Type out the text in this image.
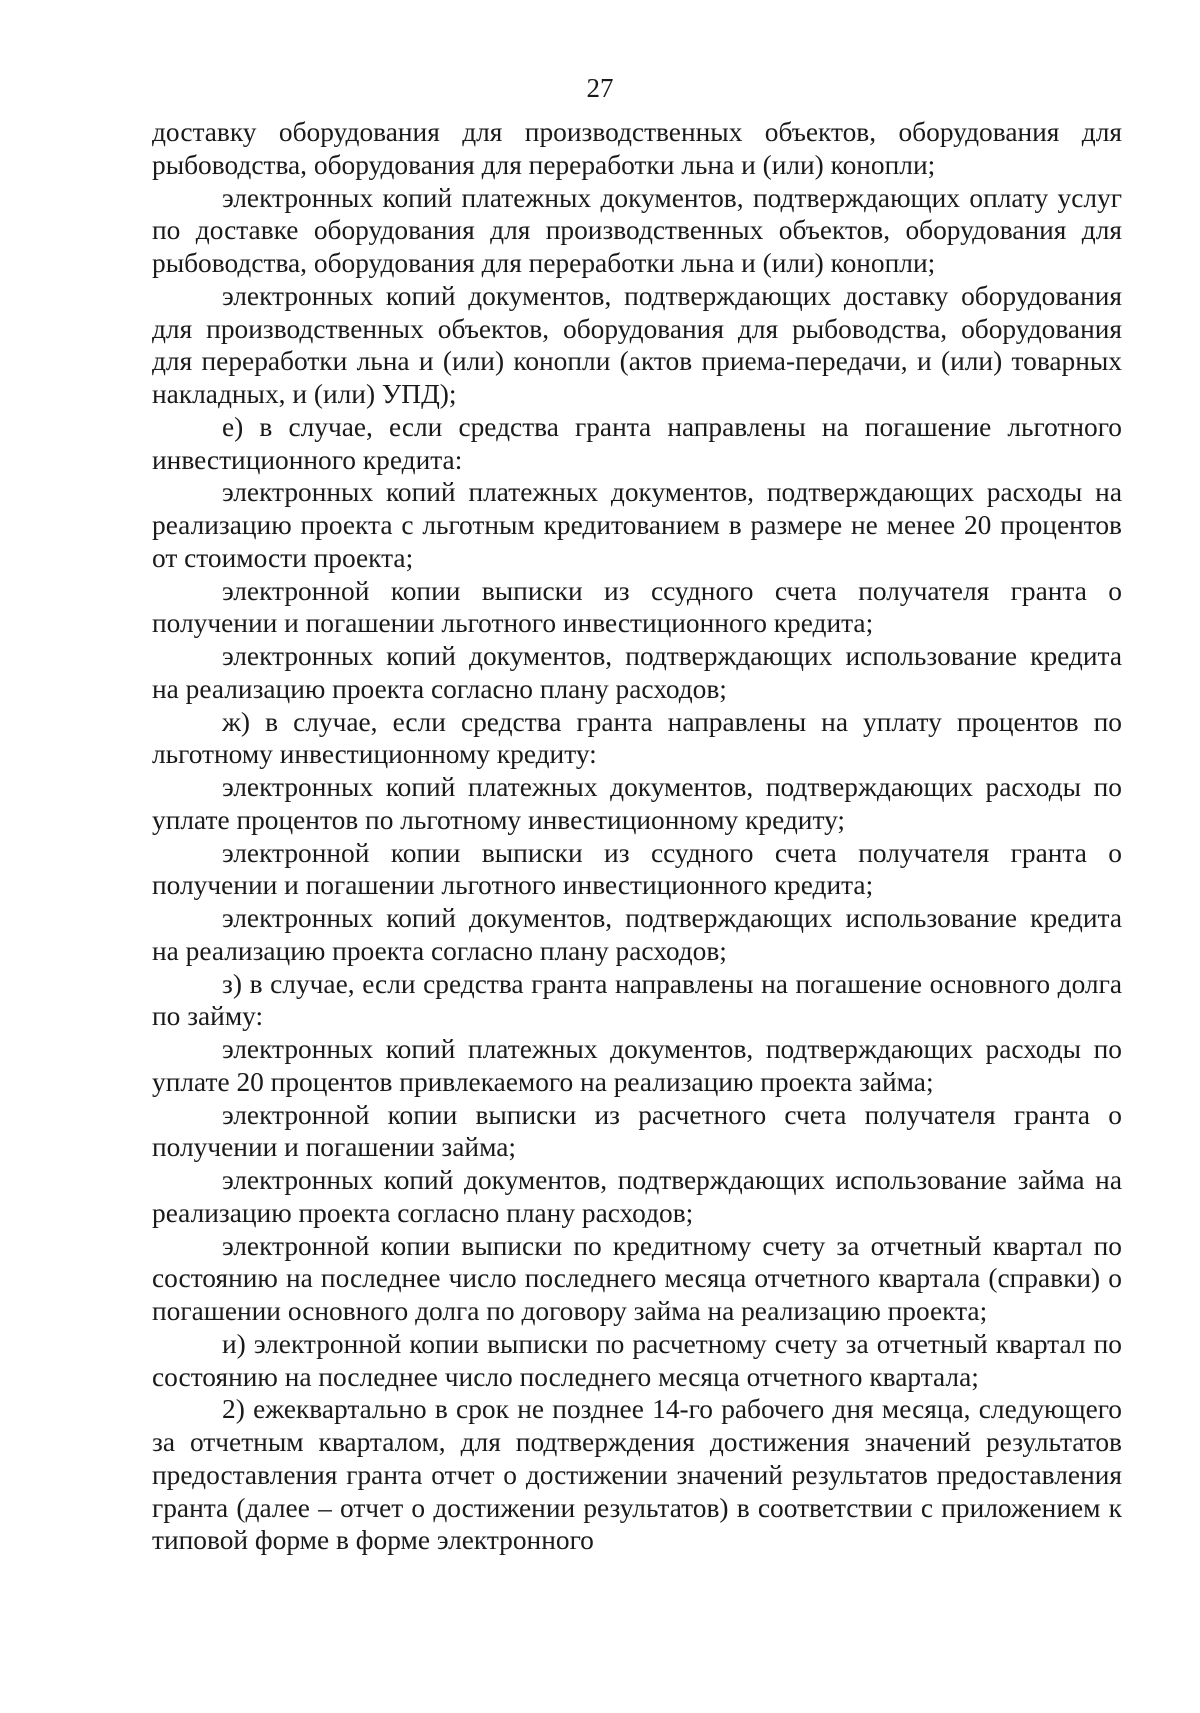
27

доставку оборудования для производственных объектов, оборудования для рыбоводства, оборудования для переработки льна и (или) конопли;

электронных копий платежных документов, подтверждающих оплату услуг по доставке оборудования для производственных объектов, оборудования для рыбоводства, оборудования для переработки льна и (или) конопли;

электронных копий документов, подтверждающих доставку оборудования для производственных объектов, оборудования для рыбоводства, оборудования для переработки льна и (или) конопли (актов приема-передачи, и (или) товарных накладных, и (или) УПД);

е) в случае, если средства гранта направлены на погашение льготного инвестиционного кредита:

электронных копий платежных документов, подтверждающих расходы на реализацию проекта с льготным кредитованием в размере не менее 20 процентов от стоимости проекта;

электронной копии выписки из ссудного счета получателя гранта о получении и погашении льготного инвестиционного кредита;

электронных копий документов, подтверждающих использование кредита на реализацию проекта согласно плану расходов;

ж) в случае, если средства гранта направлены на уплату процентов по льготному инвестиционному кредиту:

электронных копий платежных документов, подтверждающих расходы по уплате процентов по льготному инвестиционному кредиту;

электронной копии выписки из ссудного счета получателя гранта о получении и погашении льготного инвестиционного кредита;

электронных копий документов, подтверждающих использование кредита на реализацию проекта согласно плану расходов;

з) в случае, если средства гранта направлены на погашение основного долга по займу:

электронных копий платежных документов, подтверждающих расходы по уплате 20 процентов привлекаемого на реализацию проекта займа;

электронной копии выписки из расчетного счета получателя гранта о получении и погашении займа;

электронных копий документов, подтверждающих использование займа на реализацию проекта согласно плану расходов;

электронной копии выписки по кредитному счету за отчетный квартал по состоянию на последнее число последнего месяца отчетного квартала (справки) о погашении основного долга по договору займа на реализацию проекта;

и) электронной копии выписки по расчетному счету за отчетный квартал по состоянию на последнее число последнего месяца отчетного квартала;

2) ежеквартально в срок не позднее 14-го рабочего дня месяца, следующего за отчетным кварталом, для подтверждения достижения значений результатов предоставления гранта отчет о достижении значений результатов предоставления гранта (далее – отчет о достижении результатов) в соответствии с приложением к типовой форме в форме электронного
